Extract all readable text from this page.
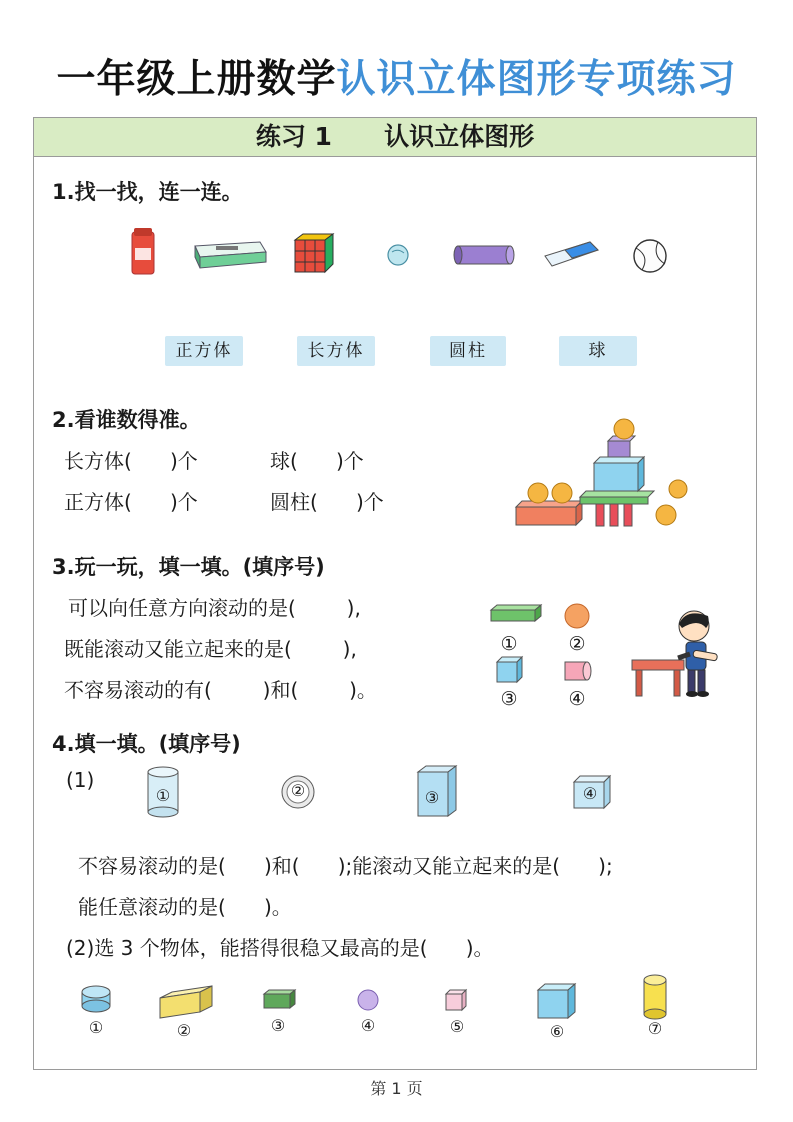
一年级上册数学认识立体图形专项练习
练习 1      认识立体图形
1.找一找，连一连。
正方体	长方体	圆柱	球
2.看谁数得准。
长方体(      )个	球(      )个
正方体(      )个	圆柱(      )个
3.玩一玩，填一填。(填序号)
可以向任意方向滚动的是(        ),
既能滚动又能立起来的是(        ),
不容易滚动的有(        )和(        )。
①	②
③	④
4.填一填。(填序号)
(1)
①	②	③	④
不容易滚动的是(      )和(      );能滚动又能立起来的是(      );
能任意滚动的是(      )。
(2)选 3 个物体，能搭得很稳又最高的是(      )。
①	②	③	④	⑤	⑥	⑦
第 1 页
